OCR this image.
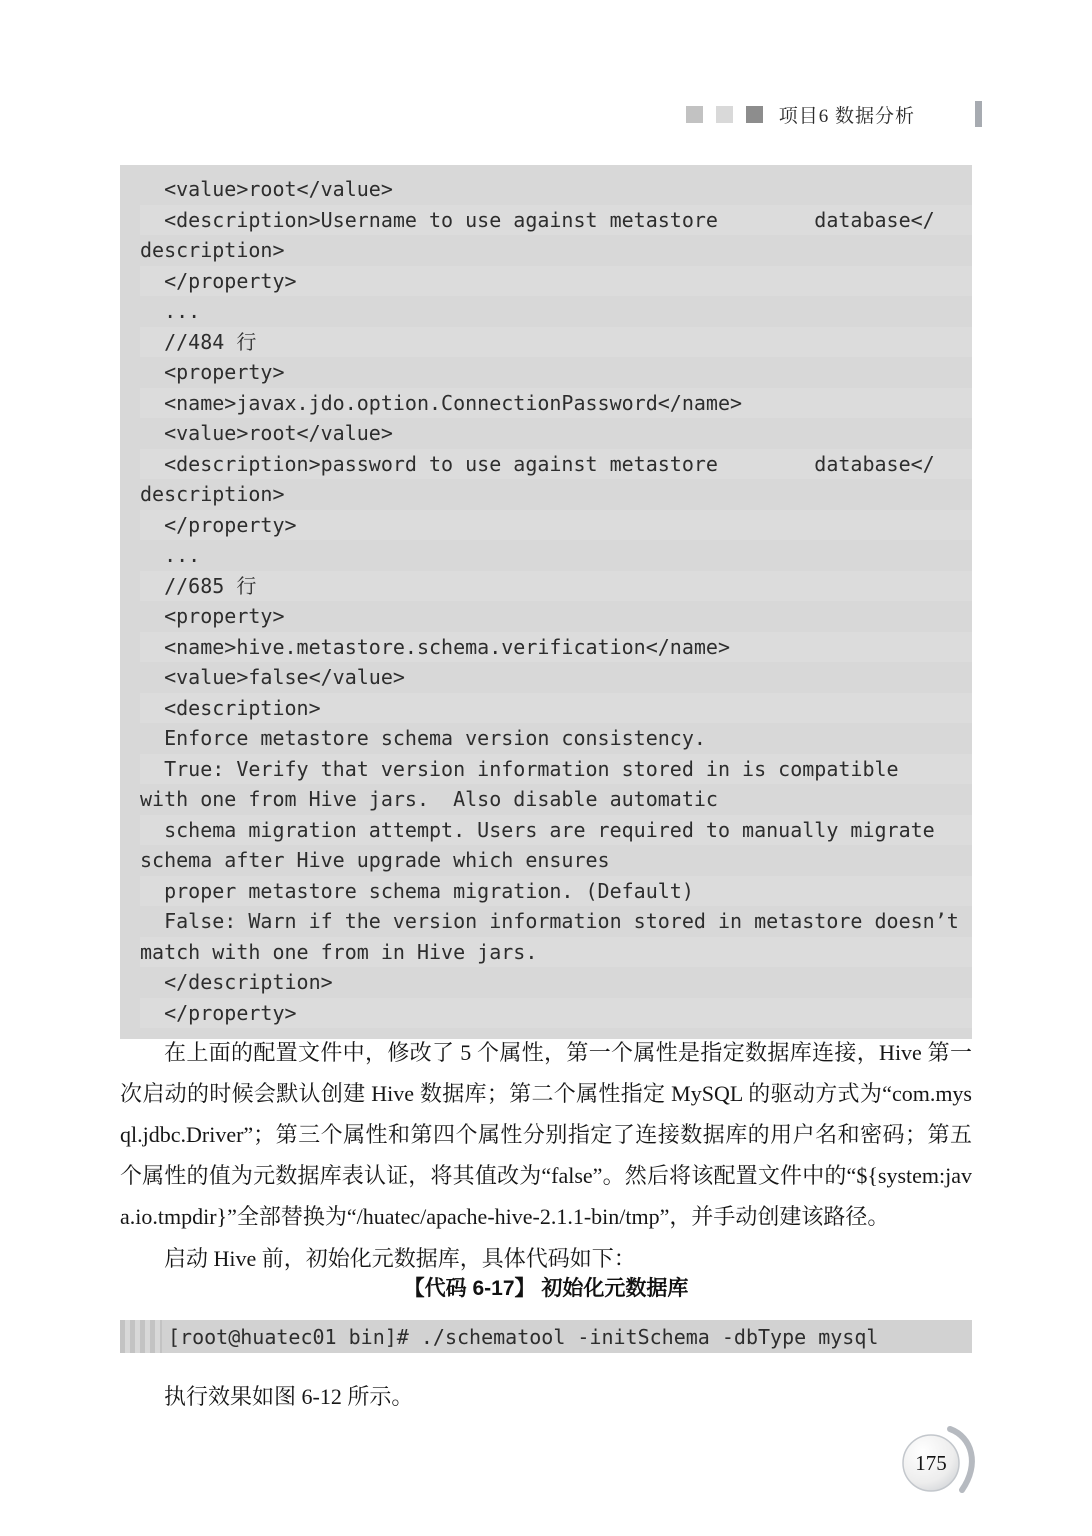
项目6 数据分析
<value>root</value>
<description>Username to use against metastore        database</
description>
</property>
...
//484 行
<property>
<name>javax.jdo.option.ConnectionPassword</name>
<value>root</value>
<description>password to use against metastore        database</
description>
</property>
...
//685 行
<property>
<name>hive.metastore.schema.verification</name>
<value>false</value>
<description>
Enforce metastore schema version consistency.
True: Verify that version information stored in is compatible
with one from Hive jars.  Also disable automatic
schema migration attempt. Users are required to manually migrate
schema after Hive upgrade which ensures
proper metastore schema migration. (Default)
False: Warn if the version information stored in metastore doesn’t
match with one from in Hive jars.
</description>
</property>

在上面的配置文件中，修改了 5 个属性，第一个属性是指定数据库连接，Hive 第一次启动的时候会默认创建 Hive 数据库；第二个属性指定 MySQL 的驱动方式为“com.mysql.jdbc.Driver”；第三个属性和第四个属性分别指定了连接数据库的用户名和密码；第五个属性的值为元数据库表认证，将其值改为“false”。然后将该配置文件中的“${system:java.io.tmpdir}”全部替换为“/huatec/apache-hive-2.1.1-bin/tmp”，并手动创建该路径。

启动 Hive 前，初始化元数据库，具体代码如下：

【代码 6-17】 初始化元数据库
[root@huatec01 bin]# ./schematool -initSchema -dbType mysql

执行效果如图 6-12 所示。

175
